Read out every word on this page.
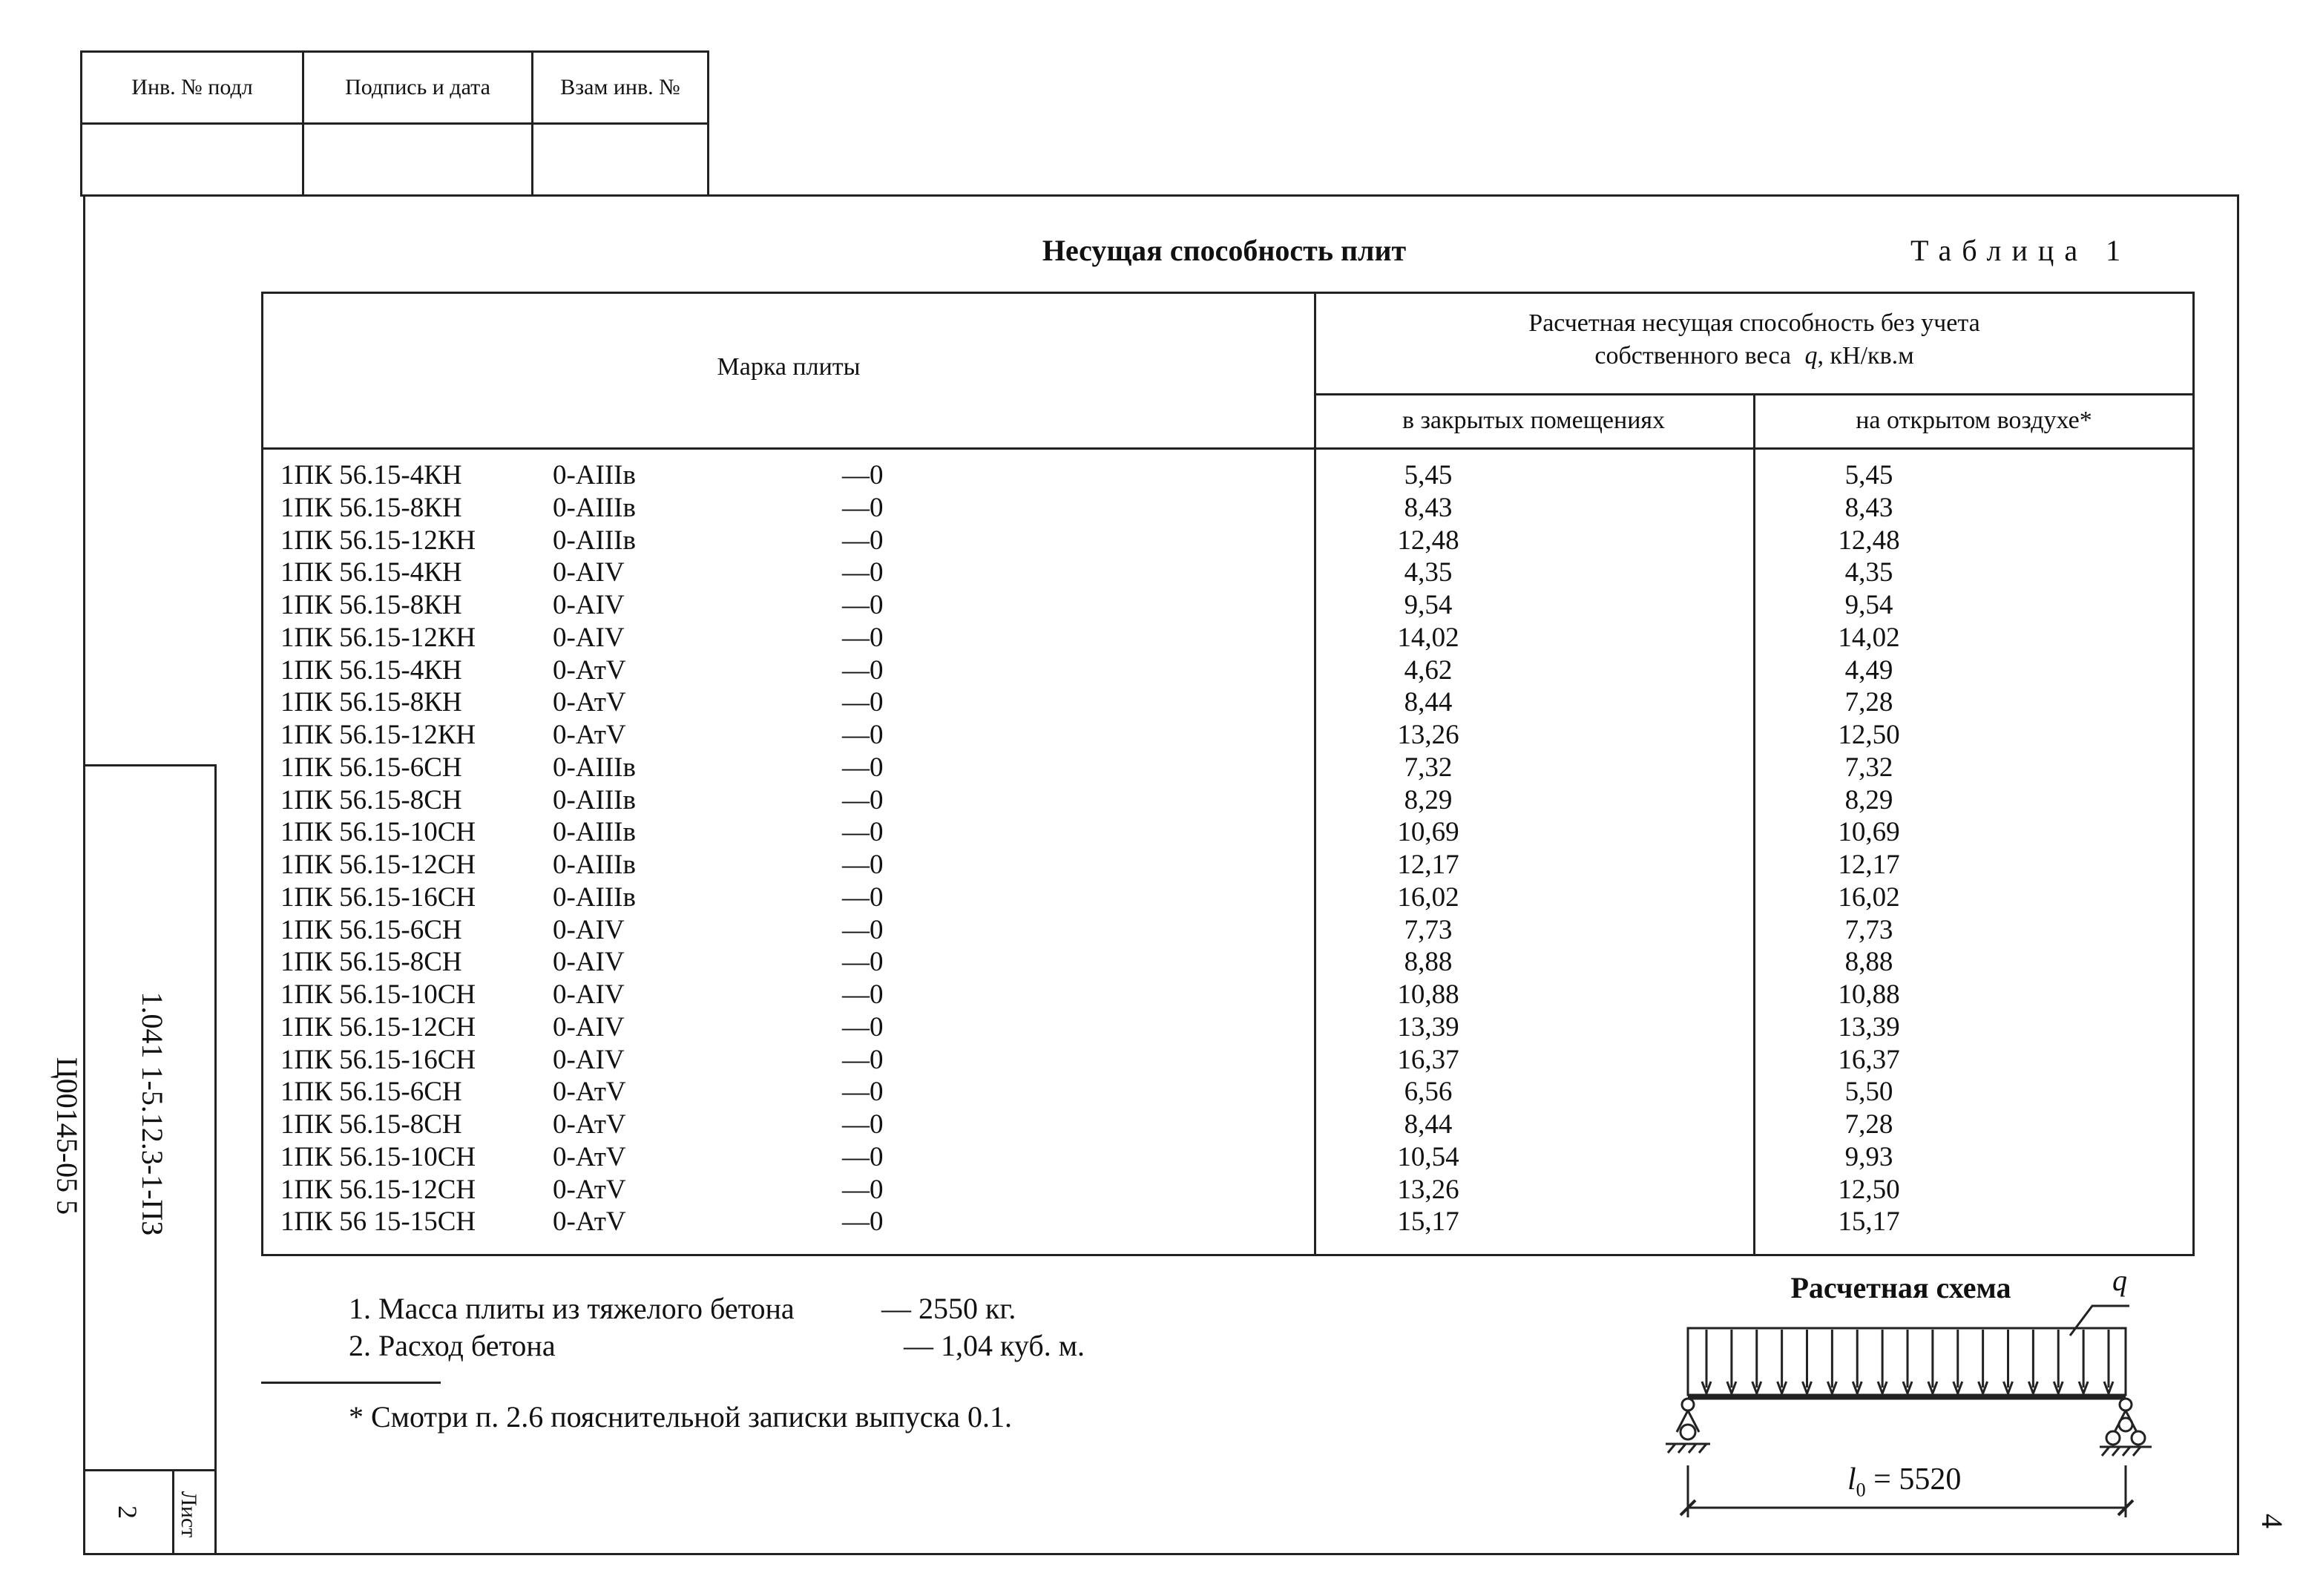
Инв. № подл	Подпись и дата	Взам инв. №
1.041 1-5.12.3-1-ПЗ
Лист
2
Ц00145-05 5
4
Несущая способность плит	Таблица 1
Марка плиты
Расчетная несущая способность без учета
собственного веса q, кН/кв.м
в закрытых помещениях	на открытом воздухе*
1ПК 56.15-4КН	0-АIIIв	—0	5,45	5,45
1ПК 56.15-8КН	0-АIIIв	—0	8,43	8,43
1ПК 56.15-12КН	0-АIIIв	—0	12,48	12,48
1ПК 56.15-4КН	0-АIV	—0	4,35	4,35
1ПК 56.15-8КН	0-АIV	—0	9,54	9,54
1ПК 56.15-12КН	0-АIV	—0	14,02	14,02
1ПК 56.15-4КН	0-АтV	—0	4,62	4,49
1ПК 56.15-8КН	0-АтV	—0	8,44	7,28
1ПК 56.15-12КН	0-АтV	—0	13,26	12,50
1ПК 56.15-6СН	0-АIIIв	—0	7,32	7,32
1ПК 56.15-8СН	0-АIIIв	—0	8,29	8,29
1ПК 56.15-10СН	0-АIIIв	—0	10,69	10,69
1ПК 56.15-12СН	0-АIIIв	—0	12,17	12,17
1ПК 56.15-16СН	0-АIIIв	—0	16,02	16,02
1ПК 56.15-6СН	0-АIV	—0	7,73	7,73
1ПК 56.15-8СН	0-АIV	—0	8,88	8,88
1ПК 56.15-10СН	0-АIV	—0	10,88	10,88
1ПК 56.15-12СН	0-АIV	—0	13,39	13,39
1ПК 56.15-16СН	0-АIV	—0	16,37	16,37
1ПК 56.15-6СН	0-АтV	—0	6,56	5,50
1ПК 56.15-8СН	0-АтV	—0	8,44	7,28
1ПК 56.15-10СН	0-АтV	—0	10,54	9,93
1ПК 56.15-12СН	0-АтV	—0	13,26	12,50
1ПК 56 15-15СН	0-АтV	—0	15,17	15,17
1. Масса плиты из тяжелого бетона	— 2550 кг.
2. Расход бетона	— 1,04 куб. м.
* Смотри п. 2.6 пояснительной записки выпуска 0.1.
Расчетная схема	q
$l_0 = 5520$
